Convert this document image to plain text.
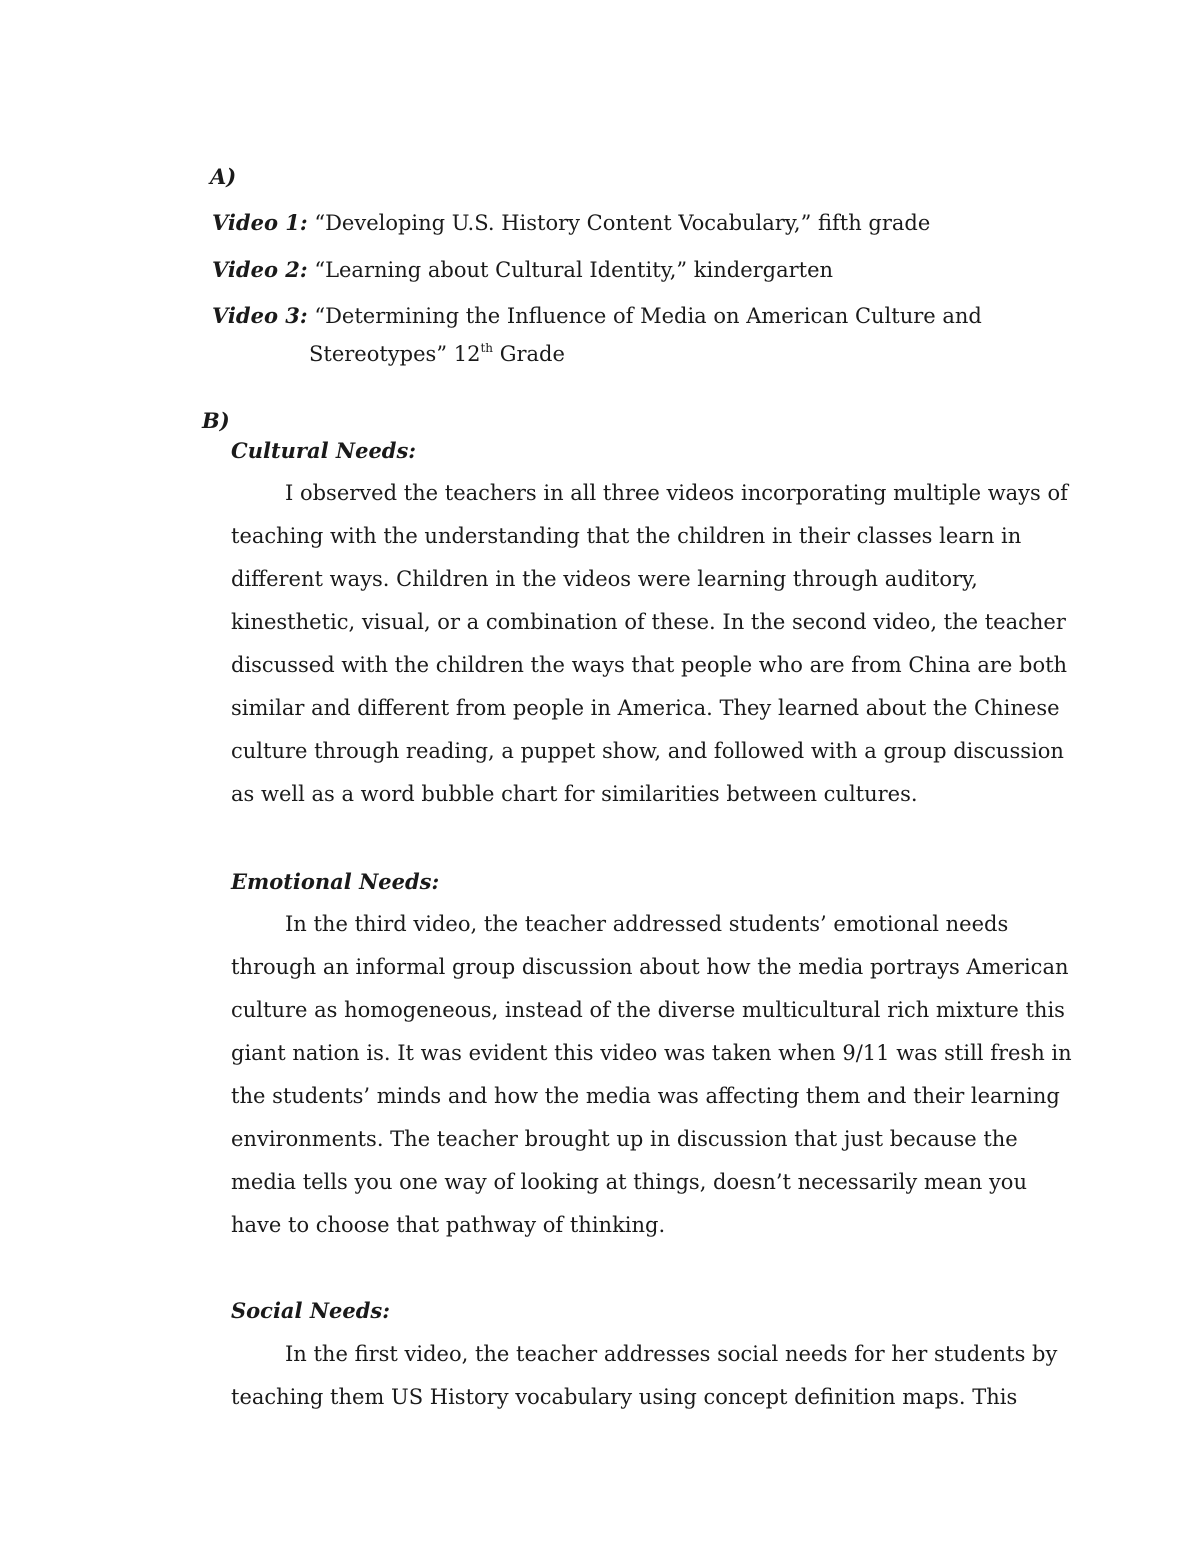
A)
Video 1: “Developing U.S. History Content Vocabulary,” fifth grade
Video 2: “Learning about Cultural Identity,” kindergarten
Video 3: “Determining the Influence of Media on American Culture and
Stereotypes” 12th Grade
B)
Cultural Needs:

I observed the teachers in all three videos incorporating multiple ways of teaching with the understanding that the children in their classes learn in different ways. Children in the videos were learning through auditory, kinesthetic, visual, or a combination of these. In the second video, the teacher discussed with the children the ways that people who are from China are both similar and different from people in America. They learned about the Chinese culture through reading, a puppet show, and followed with a group discussion as well as a word bubble chart for similarities between cultures.

Emotional Needs:

In the third video, the teacher addressed students’ emotional needs through an informal group discussion about how the media portrays American culture as homogeneous, instead of the diverse multicultural rich mixture this giant nation is. It was evident this video was taken when 9/11 was still fresh in the students’ minds and how the media was affecting them and their learning environments. The teacher brought up in discussion that just because the media tells you one way of looking at things, doesn’t necessarily mean you have to choose that pathway of thinking.

Social Needs:

In the first video, the teacher addresses social needs for her students by teaching them US History vocabulary using concept definition maps. This
